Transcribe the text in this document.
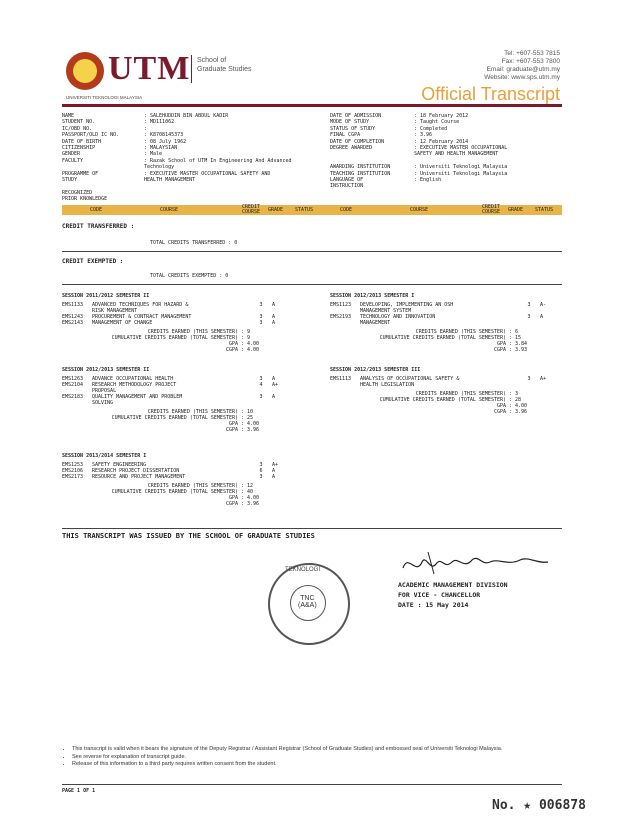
UTM
UNIVERSITI TEKNOLOGI MALAYSIA
School of
Graduate Studies
Tel: +607-553 7815
Fax: +607-553 7800
Email: graduate@utm.my
Website: www.sps.utm.my
Official Transcript
NAME	: SALEHUDDIN BIN ABDUL KADIR
STUDENT NO.	: MD111062
IC/OBD NO.	:
PASSPORT/OLD IC NO.	: K8708145373
DATE OF BIRTH	: 08 July 1962
CITIZENSHIP	: MALAYSIAN
GENDER	: Male
FACULTY	: Razak School of UTM In Engineering And Advanced
Technology
PROGRAMME OF	: EXECUTIVE MASTER OCCUPATIONAL SAFETY AND
STUDY	HEALTH MANAGEMENT
RECOGNIZED
PRIOR KNOWLEDGE
DATE OF ADMISSION	: 18 February 2012
MODE OF STUDY	: Taught Course
STATUS OF STUDY	: Completed
FINAL CGPA	: 3.96
DATE OF COMPLETION	: 12 February 2014
DEGREE AWARDED	: EXECUTIVE MASTER OCCUPATIONAL
SAFETY AND HEALTH MANAGEMENT
AWARDING INSTITUTION	: Universiti Teknologi Malaysia
TEACHING INSTITUTION	: Universiti Teknologi Malaysia
LANGUAGE OF	: English
INSTRUCTION
CODE	COURSE	CREDIT COURSE	GRADE STATUS	CODE	COURSE	CREDIT COURSE	GRADE STATUS
CREDIT TRANSFERRED :
TOTAL CREDITS TRANSFERRED : 0
CREDIT EXEMPTED :
TOTAL CREDITS EXEMPTED : 0
SESSION 2011/2012 SEMESTER II
EMS1133	ADVANCED TECHNIQUES FOR HAZARD &	3	A
RISK MANAGEMENT
EMS1243	PROCUREMENT & CONTRACT MANAGEMENT	3	A
EMS2143	MANAGEMENT OF CHANGE	3	A
CREDITS EARNED (THIS SEMESTER) : 9
CUMULATIVE CREDITS EARNED (TOTAL SEMESTER) : 9
GPA : 4.00
CGPA : 4.00
SESSION 2012/2013 SEMESTER I
EMS1123	DEVELOPING, IMPLEMENTING AN OSH	3	A-
MANAGEMENT SYSTEM
EMS2193	TECHNOLOGY AND INNOVATION	3	A
MANAGEMENT
CREDITS EARNED (THIS SEMESTER) : 6
CUMULATIVE CREDITS EARNED (TOTAL SEMESTER) : 15
GPA : 3.84
CGPA : 3.93
SESSION 2012/2013 SEMESTER II
EMS1263	ADVANCE OCCUPATIONAL HEALTH	3	A
EMS2104	RESEARCH METHODOLOGY PROJECT	4	A+
PROPOSAL
EMS2183	QUALITY MANAGEMENT AND PROBLEM	3	A
SOLVING
CREDITS EARNED (THIS SEMESTER) : 10
CUMULATIVE CREDITS EARNED (TOTAL SEMESTER) : 25
GPA : 4.00
CGPA : 3.96
SESSION 2012/2013 SEMESTER III
EMS1113	ANALYSIS OF OCCUPATIONAL SAFETY &	3	A+
HEALTH LEGISLATION
CREDITS EARNED (THIS SEMESTER) : 3
CUMULATIVE CREDITS EARNED (TOTAL SEMESTER) : 28
GPA : 4.00
CGPA : 3.96
SESSION 2013/2014 SEMESTER I
EMS1253	SAFETY ENGINEERING	3	A+
EMS2106	RESEARCH PROJECT DISSERTATION	6	A
EMS2173	RESOURCE AND PROJECT MANAGEMENT	3	A
CREDITS EARNED (THIS SEMESTER) : 12
CUMULATIVE CREDITS EARNED (TOTAL SEMESTER) : 40
GPA : 4.00
CGPA : 3.96
THIS TRANSCRIPT WAS ISSUED BY THE SCHOOL OF GRADUATE STUDIES
TEKNOLOGI
TNC
(A&A)
ACADEMIC MANAGEMENT DIVISION
FOR VICE - CHANCELLOR
DATE : 15 May 2014
• This transcript is valid when it bears the signature of the Deputy Registrar / Assistant Registrar (School of Graduate Studies) and embossed seal of Universiti Teknologi Malaysia.
• See reverse for explanation of transcript guide.
• Release of this information to a third party requires written consent from the student.
PAGE 1 OF 1
No. ★ 006878
